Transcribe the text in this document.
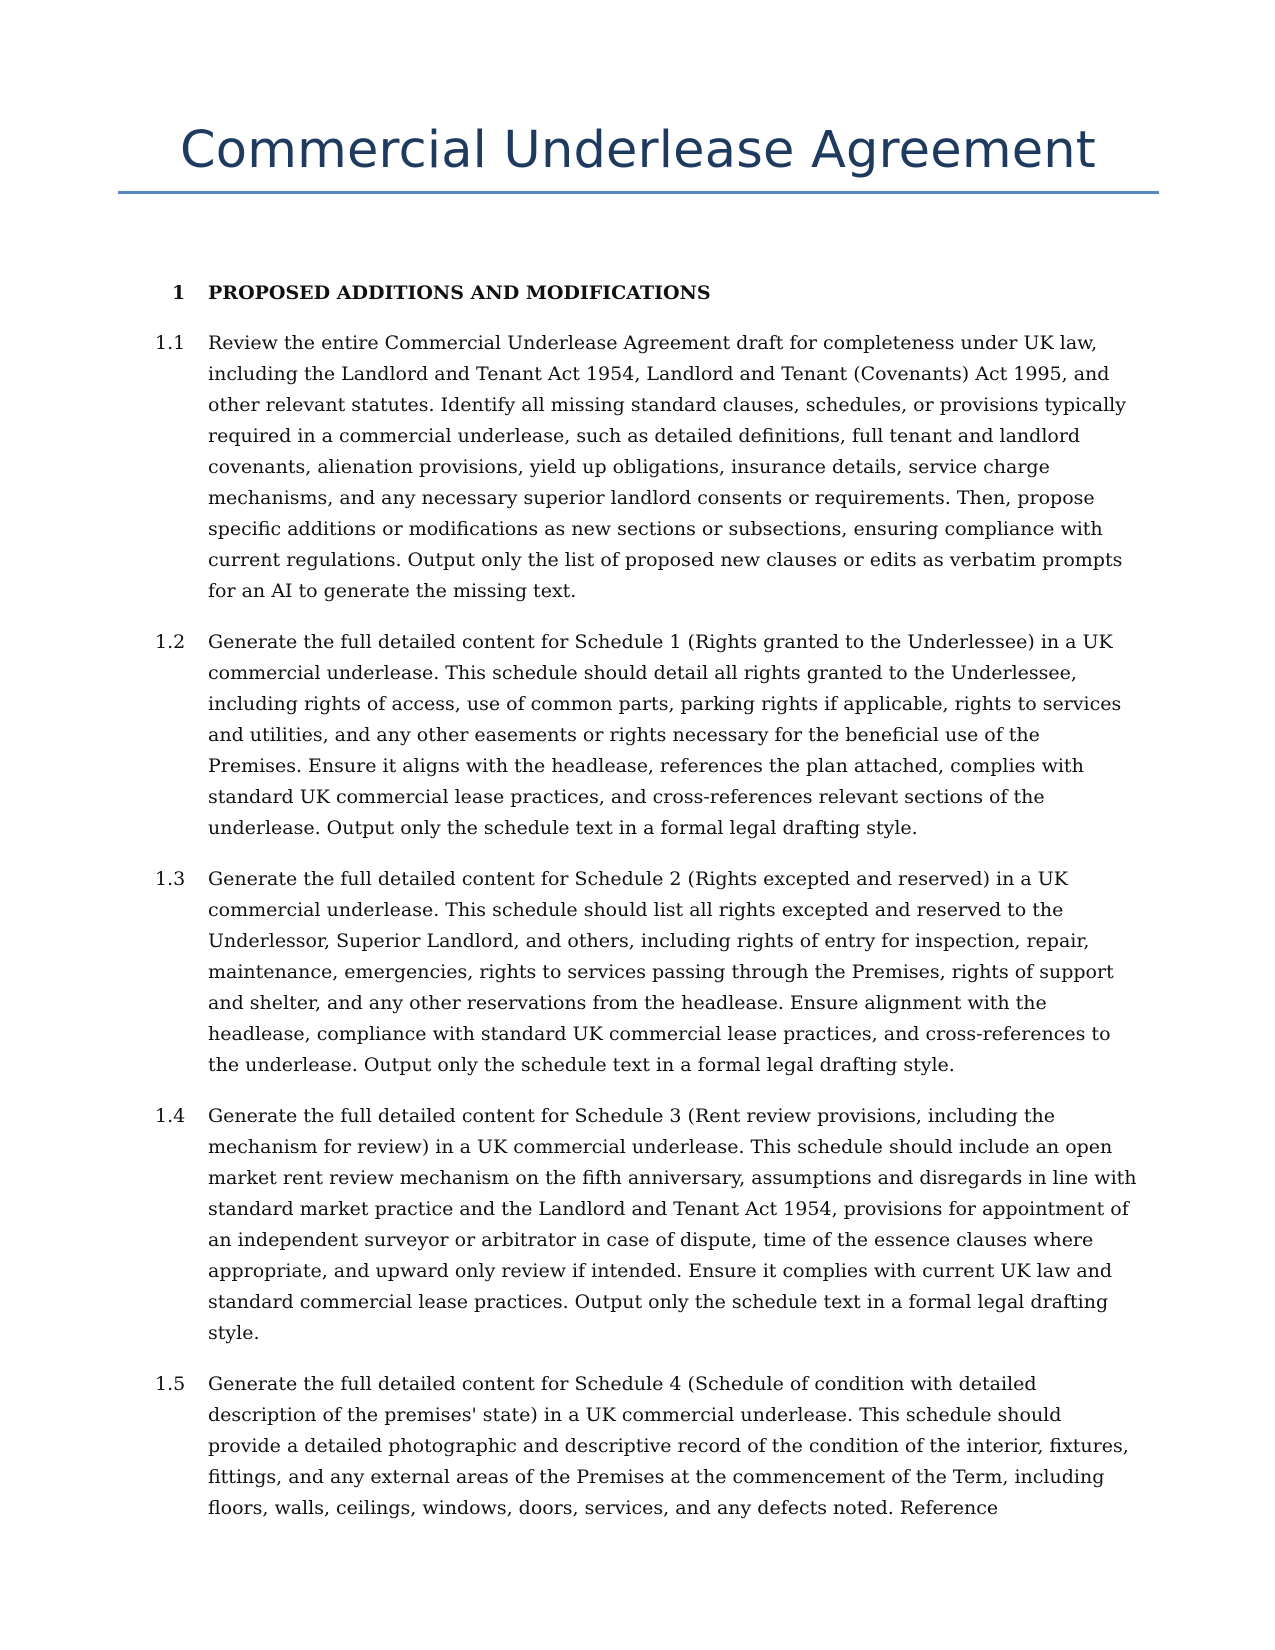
Commercial Underlease Agreement
1 PROPOSED ADDITIONS AND MODIFICATIONS
1.1 Review the entire Commercial Underlease Agreement draft for completeness under UK law, including the Landlord and Tenant Act 1954, Landlord and Tenant (Covenants) Act 1995, and other relevant statutes. Identify all missing standard clauses, schedules, or provisions typically required in a commercial underlease, such as detailed definitions, full tenant and landlord covenants, alienation provisions, yield up obligations, insurance details, service charge mechanisms, and any necessary superior landlord consents or requirements. Then, propose specific additions or modifications as new sections or subsections, ensuring compliance with current regulations. Output only the list of proposed new clauses or edits as verbatim prompts for an AI to generate the missing text.
1.2 Generate the full detailed content for Schedule 1 (Rights granted to the Underlessee) in a UK commercial underlease. This schedule should detail all rights granted to the Underlessee, including rights of access, use of common parts, parking rights if applicable, rights to services and utilities, and any other easements or rights necessary for the beneficial use of the Premises. Ensure it aligns with the headlease, references the plan attached, complies with standard UK commercial lease practices, and cross-references relevant sections of the underlease. Output only the schedule text in a formal legal drafting style.
1.3 Generate the full detailed content for Schedule 2 (Rights excepted and reserved) in a UK commercial underlease. This schedule should list all rights excepted and reserved to the Underlessor, Superior Landlord, and others, including rights of entry for inspection, repair, maintenance, emergencies, rights to services passing through the Premises, rights of support and shelter, and any other reservations from the headlease. Ensure alignment with the headlease, compliance with standard UK commercial lease practices, and cross-references to the underlease. Output only the schedule text in a formal legal drafting style.
1.4 Generate the full detailed content for Schedule 3 (Rent review provisions, including the mechanism for review) in a UK commercial underlease. This schedule should include an open market rent review mechanism on the fifth anniversary, assumptions and disregards in line with standard market practice and the Landlord and Tenant Act 1954, provisions for appointment of an independent surveyor or arbitrator in case of dispute, time of the essence clauses where appropriate, and upward only review if intended. Ensure it complies with current UK law and standard commercial lease practices. Output only the schedule text in a formal legal drafting style.
1.5 Generate the full detailed content for Schedule 4 (Schedule of condition with detailed description of the premises' state) in a UK commercial underlease. This schedule should provide a detailed photographic and descriptive record of the condition of the interior, fixtures, fittings, and any external areas of the Premises at the commencement of the Term, including floors, walls, ceilings, windows, doors, services, and any defects noted. Reference
